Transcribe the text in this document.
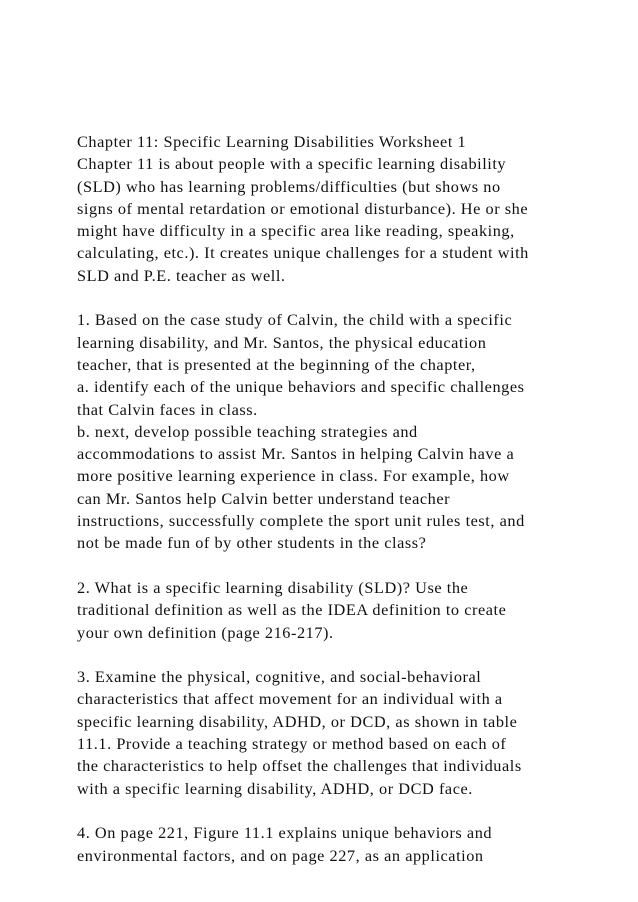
Chapter 11: Specific Learning Disabilities Worksheet 1
Chapter 11 is about people with a specific learning disability
(SLD) who has learning problems/difficulties (but shows no
signs of mental retardation or emotional disturbance). He or she
might have difficulty in a specific area like reading, speaking,
calculating, etc.). It creates unique challenges for a student with
SLD and P.E. teacher as well.
1. Based on the case study of Calvin, the child with a specific
learning disability, and Mr. Santos, the physical education
teacher, that is presented at the beginning of the chapter,
a. identify each of the unique behaviors and specific challenges
that Calvin faces in class.
b. next, develop possible teaching strategies and
accommodations to assist Mr. Santos in helping Calvin have a
more positive learning experience in class. For example, how
can Mr. Santos help Calvin better understand teacher
instructions, successfully complete the sport unit rules test, and
not be made fun of by other students in the class?
2. What is a specific learning disability (SLD)? Use the
traditional definition as well as the IDEA definition to create
your own definition (page 216-217).
3. Examine the physical, cognitive, and social-behavioral
characteristics that affect movement for an individual with a
specific learning disability, ADHD, or DCD, as shown in table
11.1. Provide a teaching strategy or method based on each of
the characteristics to help offset the challenges that individuals
with a specific learning disability, ADHD, or DCD face.
4. On page 221, Figure 11.1 explains unique behaviors and
environmental factors, and on page 227, as an application
